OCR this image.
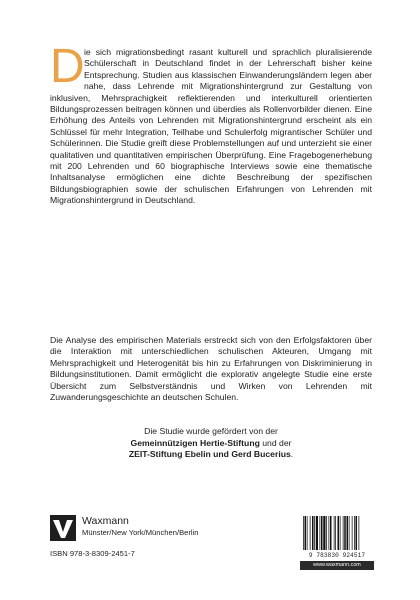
D ie sich migrationsbedingt rasant kulturell und sprachlich pluralisierende Schülerschaft in Deutschland findet in der Lehrerschaft bisher keine Entsprechung. Studien aus klassischen Einwanderungsländern legen aber nahe, dass Lehrende mit Migrationshintergrund zur Gestaltung von inklusiven, Mehrsprachigkeit reflektierenden und interkulturell orientierten Bildungsprozessen beitragen können und überdies als Rollenvorbilder dienen. Eine Erhöhung des Anteils von Lehrenden mit Migrationshintergrund erscheint als ein Schlüssel für mehr Integration, Teilhabe und Schulerfolg migrantischer Schüler und Schülerinnen. Die Studie greift diese Problemstellungen auf und unterzieht sie einer qualitativen und quantitativen empirischen Überprüfung. Eine Fragebogenerhebung mit 200 Lehrenden und 60 biographische Interviews sowie eine thematische Inhaltsanalyse ermöglichen eine dichte Beschreibung der spezifischen Bildungsbiographien sowie der schulischen Erfahrungen von Lehrenden mit Migrationshintergrund in Deutschland.

Die Analyse des empirischen Materials erstreckt sich von den Erfolgsfaktoren über die Interaktion mit unterschiedlichen schulischen Akteuren, Umgang mit Mehrsprachigkeit und Heterogenität bis hin zu Erfahrungen von Diskriminierung in Bildungsinstitutionen. Damit ermöglicht die explorativ angelegte Studie eine erste Übersicht zum Selbstverständnis und Wirken von Lehrenden mit Zuwanderungsgeschichte an deutschen Schulen.

Die Studie wurde gefördert von der
Gemeinnützigen Hertie-Stiftung und der
ZEIT-Stiftung Ebelin und Gerd Bucerius.

Waxmann
Münster/New York/München/Berlin
ISBN 978-3-8309-2451-7	9 783830 924517
www.waxmann.com
